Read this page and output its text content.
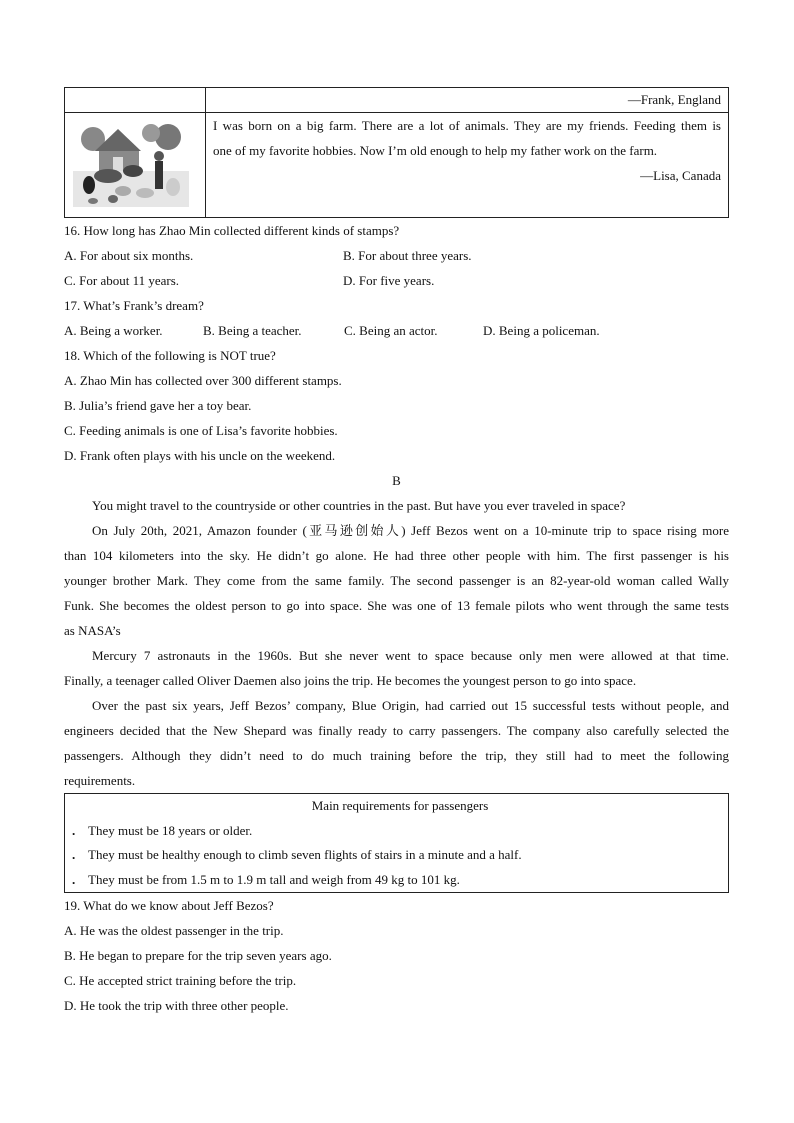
—Frank, England
I was born on a big farm. There are a lot of animals. They are my friends. Feeding them is
one of my favorite hobbies. Now I’m old enough to help my father work on the farm.
—Lisa, Canada
16. How long has Zhao Min collected different kinds of stamps?
A. For about six months.	B. For about three years.
C. For about 11 years.	D. For five years.
17. What’s Frank’s dream?
A. Being a worker.	B. Being a teacher.	C. Being an actor.	D. Being a policeman.
18. Which of the following is NOT true?
A. Zhao Min has collected over 300 different stamps.
B. Julia’s friend gave her a toy bear.
C. Feeding animals is one of Lisa’s favorite hobbies.
D. Frank often plays with his uncle on the weekend.
B
You might travel to the countryside or other countries in the past. But have you ever traveled in space?
On July 20th, 2021, Amazon founder (亚马逊创始人) Jeff Bezos went on a 10-minute trip to space rising more
than 104 kilometers into the sky. He didn’t go alone. He had three other people with him. The first passenger is his
younger brother Mark. They come from the same family. The second passenger is an 82-year-old woman called Wally
Funk. She becomes the oldest person to go into space. She was one of 13 female pilots who went through the same tests
as NASA’s
Mercury 7 astronauts in the 1960s. But she never went to space because only men were allowed at that time.
Finally, a teenager called Oliver Daemen also joins the trip. He becomes the youngest person to go into space.
Over the past six years, Jeff Bezos’ company, Blue Origin, had carried out 15 successful tests without people, and
engineers decided that the New Shepard was finally ready to carry passengers. The company also carefully selected the
passengers. Although they didn’t need to do much training before the trip, they still had to meet the following
requirements.
Main requirements for passengers
. They must be 18 years or older.
. They must be healthy enough to climb seven flights of stairs in a minute and a half.
. They must be from 1.5 m to 1.9 m tall and weigh from 49 kg to 101 kg.
19. What do we know about Jeff Bezos?
A. He was the oldest passenger in the trip.
B. He began to prepare for the trip seven years ago.
C. He accepted strict training before the trip.
D. He took the trip with three other people.
